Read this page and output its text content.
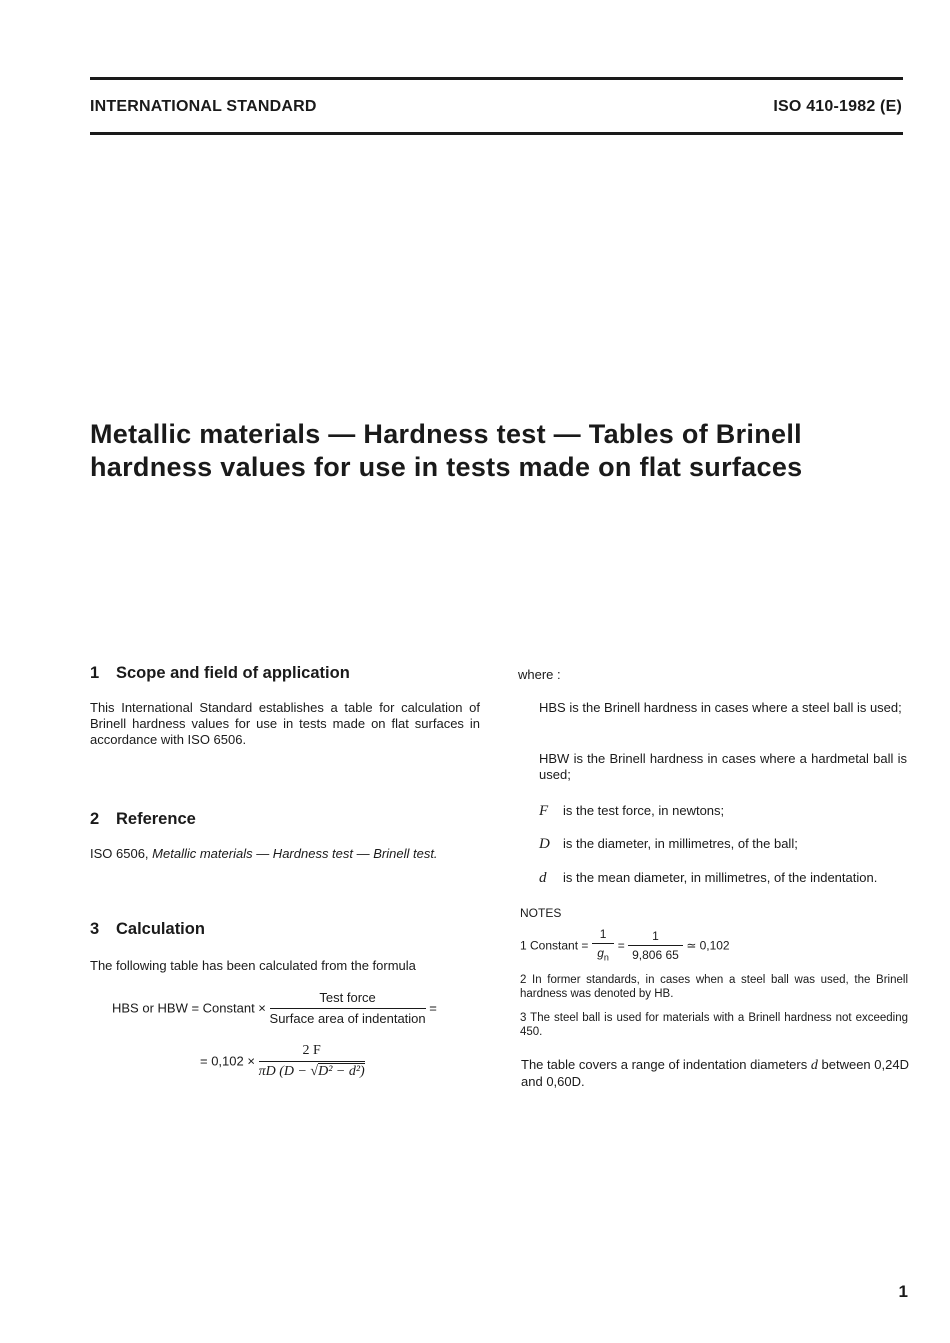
INTERNATIONAL STANDARD	ISO 410-1982 (E)
Metallic materials — Hardness test — Tables of Brinell
hardness values for use in tests made on flat surfaces
1 Scope and field of application
This International Standard establishes a table for calculation of Brinell hardness values for use in tests made on flat surfaces in accordance with ISO 6506.
2 Reference
ISO 6506, Metallic materials — Hardness test — Brinell test.
3 Calculation
The following table has been calculated from the formula
HBS or HBW = Constant × $\frac{\text{Test force}}{\text{Surface area of indentation}}$ =
= $0,102 \times \frac{2 F}{\text{πD (D − √D² − d²)}}$
where :
HBS is the Brinell hardness in cases where a steel ball is used;
HBW is the Brinell hardness in cases where a hardmetal ball is used;
F is the test force, in newtons;
D is the diameter, in millimetres, of the ball;
d is the mean diameter, in millimetres, of the indentation.
NOTES
1 Constant = $\frac{1}{g_n} = \frac{1}{9,806 65}$ ≃ 0,102
2 In former standards, in cases when a steel ball was used, the Brinell hardness was denoted by HB.
3 The steel ball is used for materials with a Brinell hardness not exceeding 450.
The table covers a range of indentation diameters d between 0,24D and 0,60D.
1
